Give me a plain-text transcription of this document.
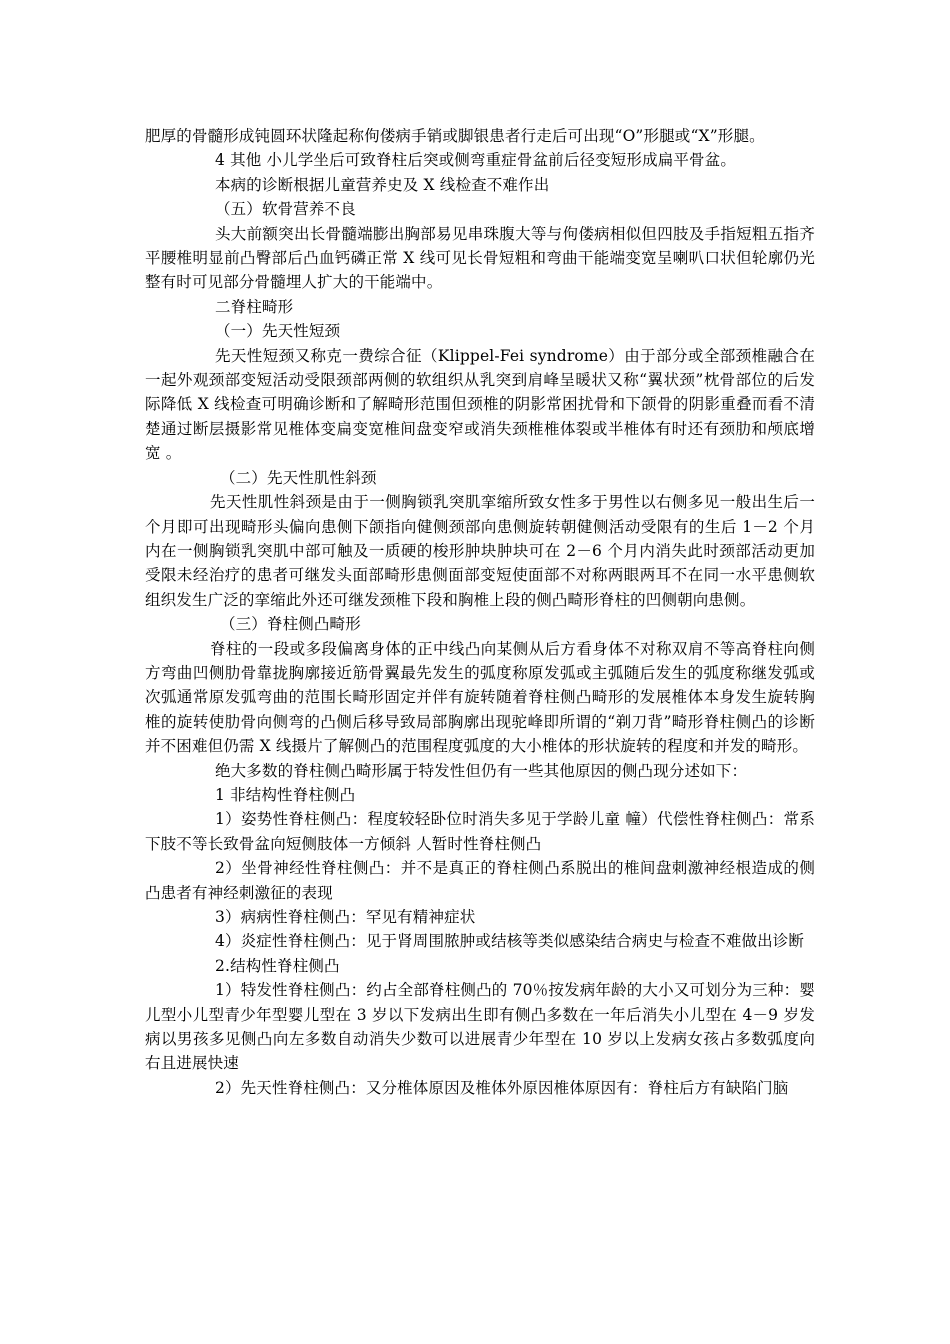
肥厚的骨髓形成钝圆环状隆起称佝偻病手销或脚银患者行走后可出现“O”形腿或“X”形腿。

4 其他 小儿学坐后可致脊柱后突或侧弯重症骨盆前后径变短形成扁平骨盆。

本病的诊断根据儿童营养史及 X 线检查不难作出

（五）软骨营养不良

头大前额突出长骨髓端膨出胸部易见串珠腹大等与佝偻病相似但四肢及手指短粗五指齐平腰椎明显前凸臀部后凸血钙磷正常 X 线可见长骨短粗和弯曲干能端变宽呈喇叭口状但轮廓仍光整有时可见部分骨髓埋人扩大的干能端中。

二脊柱畸形

（一）先天性短颈

先天性短颈又称克一费综合征（Klippel-Fei syndrome）由于部分或全部颈椎融合在一起外观颈部变短活动受限颈部两侧的软组织从乳突到肩峰呈暖状又称“翼状颈”枕骨部位的后发际降低 X 线检查可明确诊断和了解畸形范围但颈椎的阴影常困扰骨和下颌骨的阴影重叠而看不清楚通过断层摄影常见椎体变扁变宽椎间盘变窄或消失颈椎椎体裂或半椎体有时还有颈肋和颅底增宽 。

（二）先天性肌性斜颈

先天性肌性斜颈是由于一侧胸锁乳突肌挛缩所致女性多于男性以右侧多见一般出生后一个月即可出现畸形头偏向患侧下颌指向健侧颈部向患侧旋转朝健侧活动受限有的生后 1－2 个月内在一侧胸锁乳突肌中部可触及一质硬的梭形肿块肿块可在 2－6 个月内消失此时颈部活动更加受限未经治疗的患者可继发头面部畸形患侧面部变短使面部不对称两眼两耳不在同一水平患侧软组织发生广泛的挛缩此外还可继发颈椎下段和胸椎上段的侧凸畸形脊柱的凹侧朝向患侧。

（三）脊柱侧凸畸形

脊柱的一段或多段偏离身体的正中线凸向某侧从后方看身体不对称双肩不等高脊柱向侧方弯曲凹侧肋骨靠拢胸廓接近筋骨翼最先发生的弧度称原发弧或主弧随后发生的弧度称继发弧或次弧通常原发弧弯曲的范围长畸形固定并伴有旋转随着脊柱侧凸畸形的发展椎体本身发生旋转胸椎的旋转使肋骨向侧弯的凸侧后移导致局部胸廓出现驼峰即所谓的“剃刀背”畸形脊柱侧凸的诊断并不困难但仍需 X 线摄片了解侧凸的范围程度弧度的大小椎体的形状旋转的程度和并发的畸形。

绝大多数的脊柱侧凸畸形属于特发性但仍有一些其他原因的侧凸现分述如下：

1 非结构性脊柱侧凸

1）姿势性脊柱侧凸：程度较轻卧位时消失多见于学龄儿童 幢）代偿性脊柱侧凸：常系下肢不等长致骨盆向短侧肢体一方倾斜 人暂时性脊柱侧凸

2）坐骨神经性脊柱侧凸：并不是真正的脊柱侧凸系脱出的椎间盘刺激神经根造成的侧凸患者有神经刺激征的表现

3）病病性脊柱侧凸：罕见有精神症状

4）炎症性脊柱侧凸：见于肾周围脓肿或结核等类似感染结合病史与检查不难做出诊断

2.结构性脊柱侧凸

1）特发性脊柱侧凸：约占全部脊柱侧凸的 70％按发病年龄的大小又可划分为三种：婴儿型小儿型青少年型婴儿型在 3 岁以下发病出生即有侧凸多数在一年后消失小儿型在 4－9 岁发病以男孩多见侧凸向左多数自动消失少数可以进展青少年型在 10 岁以上发病女孩占多数弧度向右且进展快速

2）先天性脊柱侧凸：又分椎体原因及椎体外原因椎体原因有：脊柱后方有缺陷门脑
